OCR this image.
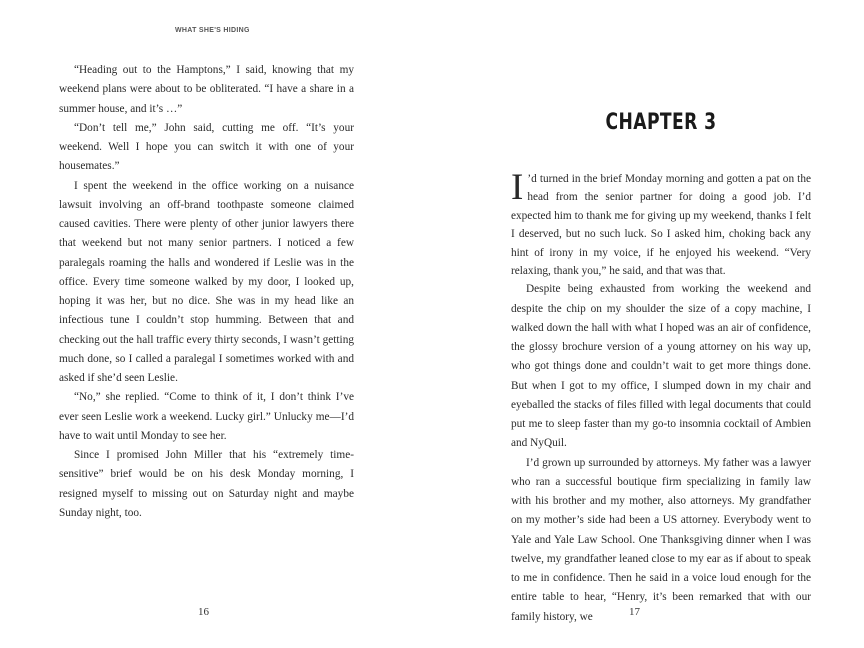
WHAT SHE'S HIDING

“Heading out to the Hamptons,” I said, knowing that my weekend plans were about to be obliterated. “I have a share in a summer house, and it’s …”

“Don’t tell me,” John said, cutting me off. “It’s your weekend. Well I hope you can switch it with one of your housemates.”

I spent the weekend in the office working on a nuisance lawsuit involving an off-brand toothpaste someone claimed caused cavities. There were plenty of other junior lawyers there that weekend but not many senior partners. I noticed a few paralegals roaming the halls and wondered if Leslie was in the office. Every time someone walked by my door, I looked up, hoping it was her, but no dice. She was in my head like an infectious tune I couldn’t stop humming. Between that and checking out the hall traffic every thirty seconds, I wasn’t getting much done, so I called a paralegal I sometimes worked with and asked if she’d seen Leslie.

“No,” she replied. “Come to think of it, I don’t think I’ve ever seen Leslie work a weekend. Lucky girl.” Unlucky me—I’d have to wait until Monday to see her.

Since I promised John Miller that his “extremely time-sensitive” brief would be on his desk Monday morning, I resigned myself to missing out on Saturday night and maybe Sunday night, too.

16
CHAPTER 3

I ’d turned in the brief Monday morning and gotten a pat on the head from the senior partner for doing a good job. I’d expected him to thank me for giving up my weekend, thanks I felt I deserved, but no such luck. So I asked him, choking back any hint of irony in my voice, if he enjoyed his weekend. “Very relaxing, thank you,” he said, and that was that.

Despite being exhausted from working the weekend and despite the chip on my shoulder the size of a copy machine, I walked down the hall with what I hoped was an air of confidence, the glossy brochure version of a young attorney on his way up, who got things done and couldn’t wait to get more things done. But when I got to my office, I slumped down in my chair and eyeballed the stacks of files filled with legal documents that could put me to sleep faster than my go-to insomnia cocktail of Ambien and NyQuil.

I’d grown up surrounded by attorneys. My father was a lawyer who ran a successful boutique firm specializing in family law with his brother and my mother, also attorneys. My grandfather on my mother’s side had been a US attorney. Everybody went to Yale and Yale Law School. One Thanksgiving dinner when I was twelve, my grandfather leaned close to my ear as if about to speak to me in confidence. Then he said in a voice loud enough for the entire table to hear, “Henry, it’s been remarked that with our family history, we	17
